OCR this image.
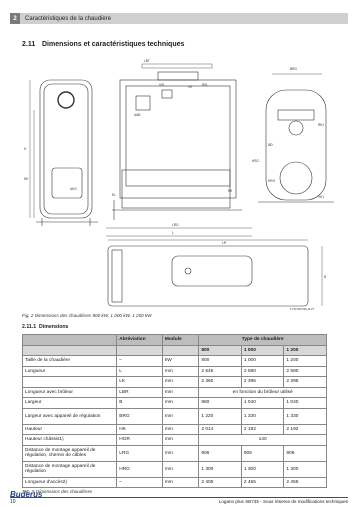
2	Caractéristiques de la chaudière
2.11 Dimensions et caractéristiques techniques
LBT
VSL	VK
AAB
RSL
ØD
AKO
EL
RK
BRG
H
HRG
LRG
L
B
HK
LR
RK1
HSG
VK1
6 720 648 003-16.2T
Fig. 2 Dimensions des chaudières 800 kW, 1 000 kW, 1 200 kW
2.11.1 Dimensions
	Abréviation	Module	Type de chaudière		
			800	1 000	1 200
Taille de la chaudière	–	kW	800	1 000	1 200
Longueur	L	mm	2 545	2 580	2 580
	LK	mm	2 360	2 395	2 395
Longueur avec brûleur	LBR	mm	en fonction du brûleur utilisé		
Largeur	B	mm	960	1 040	1 040
Largeur avec appareil de régulation	BRG	mm	1 220	1 330	1 330
Hauteur	HK	mm	2 014	2 192	2 192
Hauteur châssis1)	HGR	mm	140		
Distance de montage appareil de régulation, chemin de câbles	LRG	mm	906	906	906
Distance de montage appareil de régulation	HRG	mm	1 300	1 300	1 300
Longueur d'accès2)	–	mm	2 405	2 455	2 455
Tab. 5 Dimensions des chaudières
Buderus
10	Logano plus SB745 - Sous réserve de modifications techniques
